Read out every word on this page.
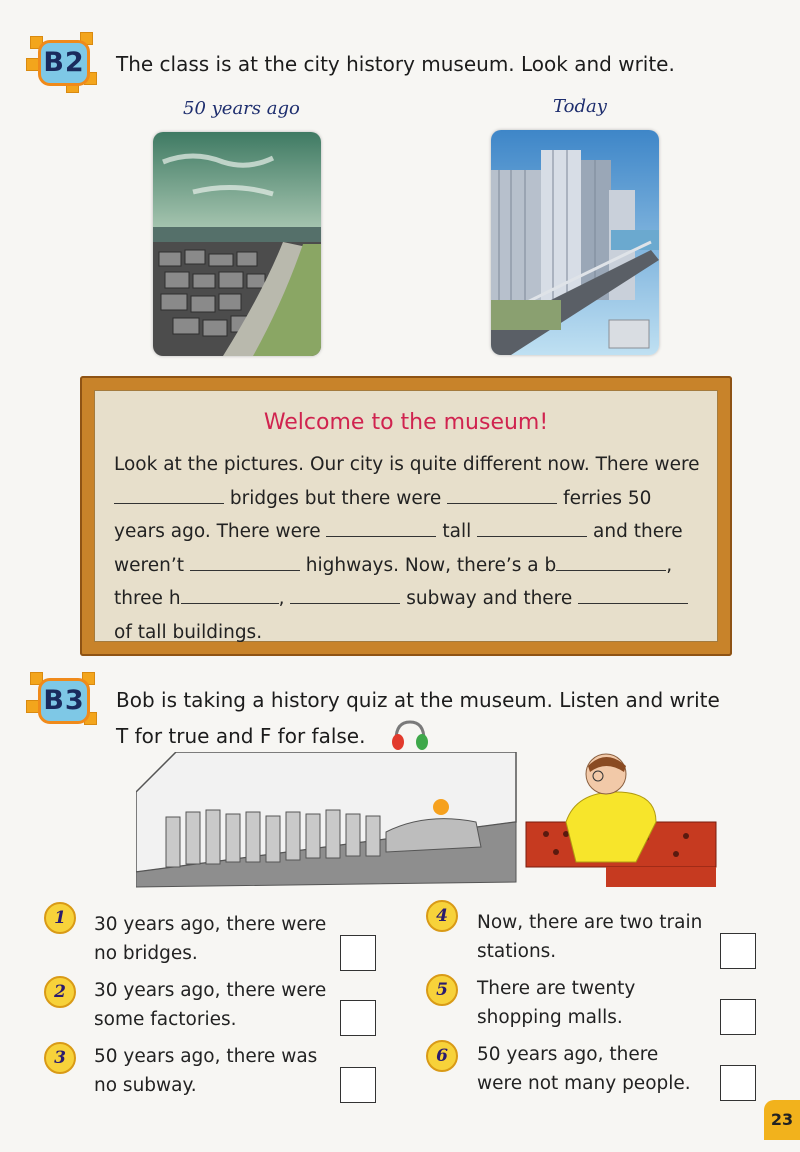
B2 The class is at the city history museum. Look and write.
50 years ago	Today
Welcome to the museum!
Look at the pictures. Our city is quite different now. There were
bridges but there were	ferries 50
years ago. There were	tall	and there
weren’t	highways. Now, there’s a b	,
three h	,	subway and there
of tall buildings.
B3 Bob is taking a history quiz at the museum. Listen and write
T for true and F for false.
1	30 years ago, there were
no bridges.
2	30 years ago, there were
some factories.
3	50 years ago, there was
no subway.
4	Now, there are two train
stations.
5	There are twenty
shopping malls.
6	50 years ago, there
were not many people.
23
